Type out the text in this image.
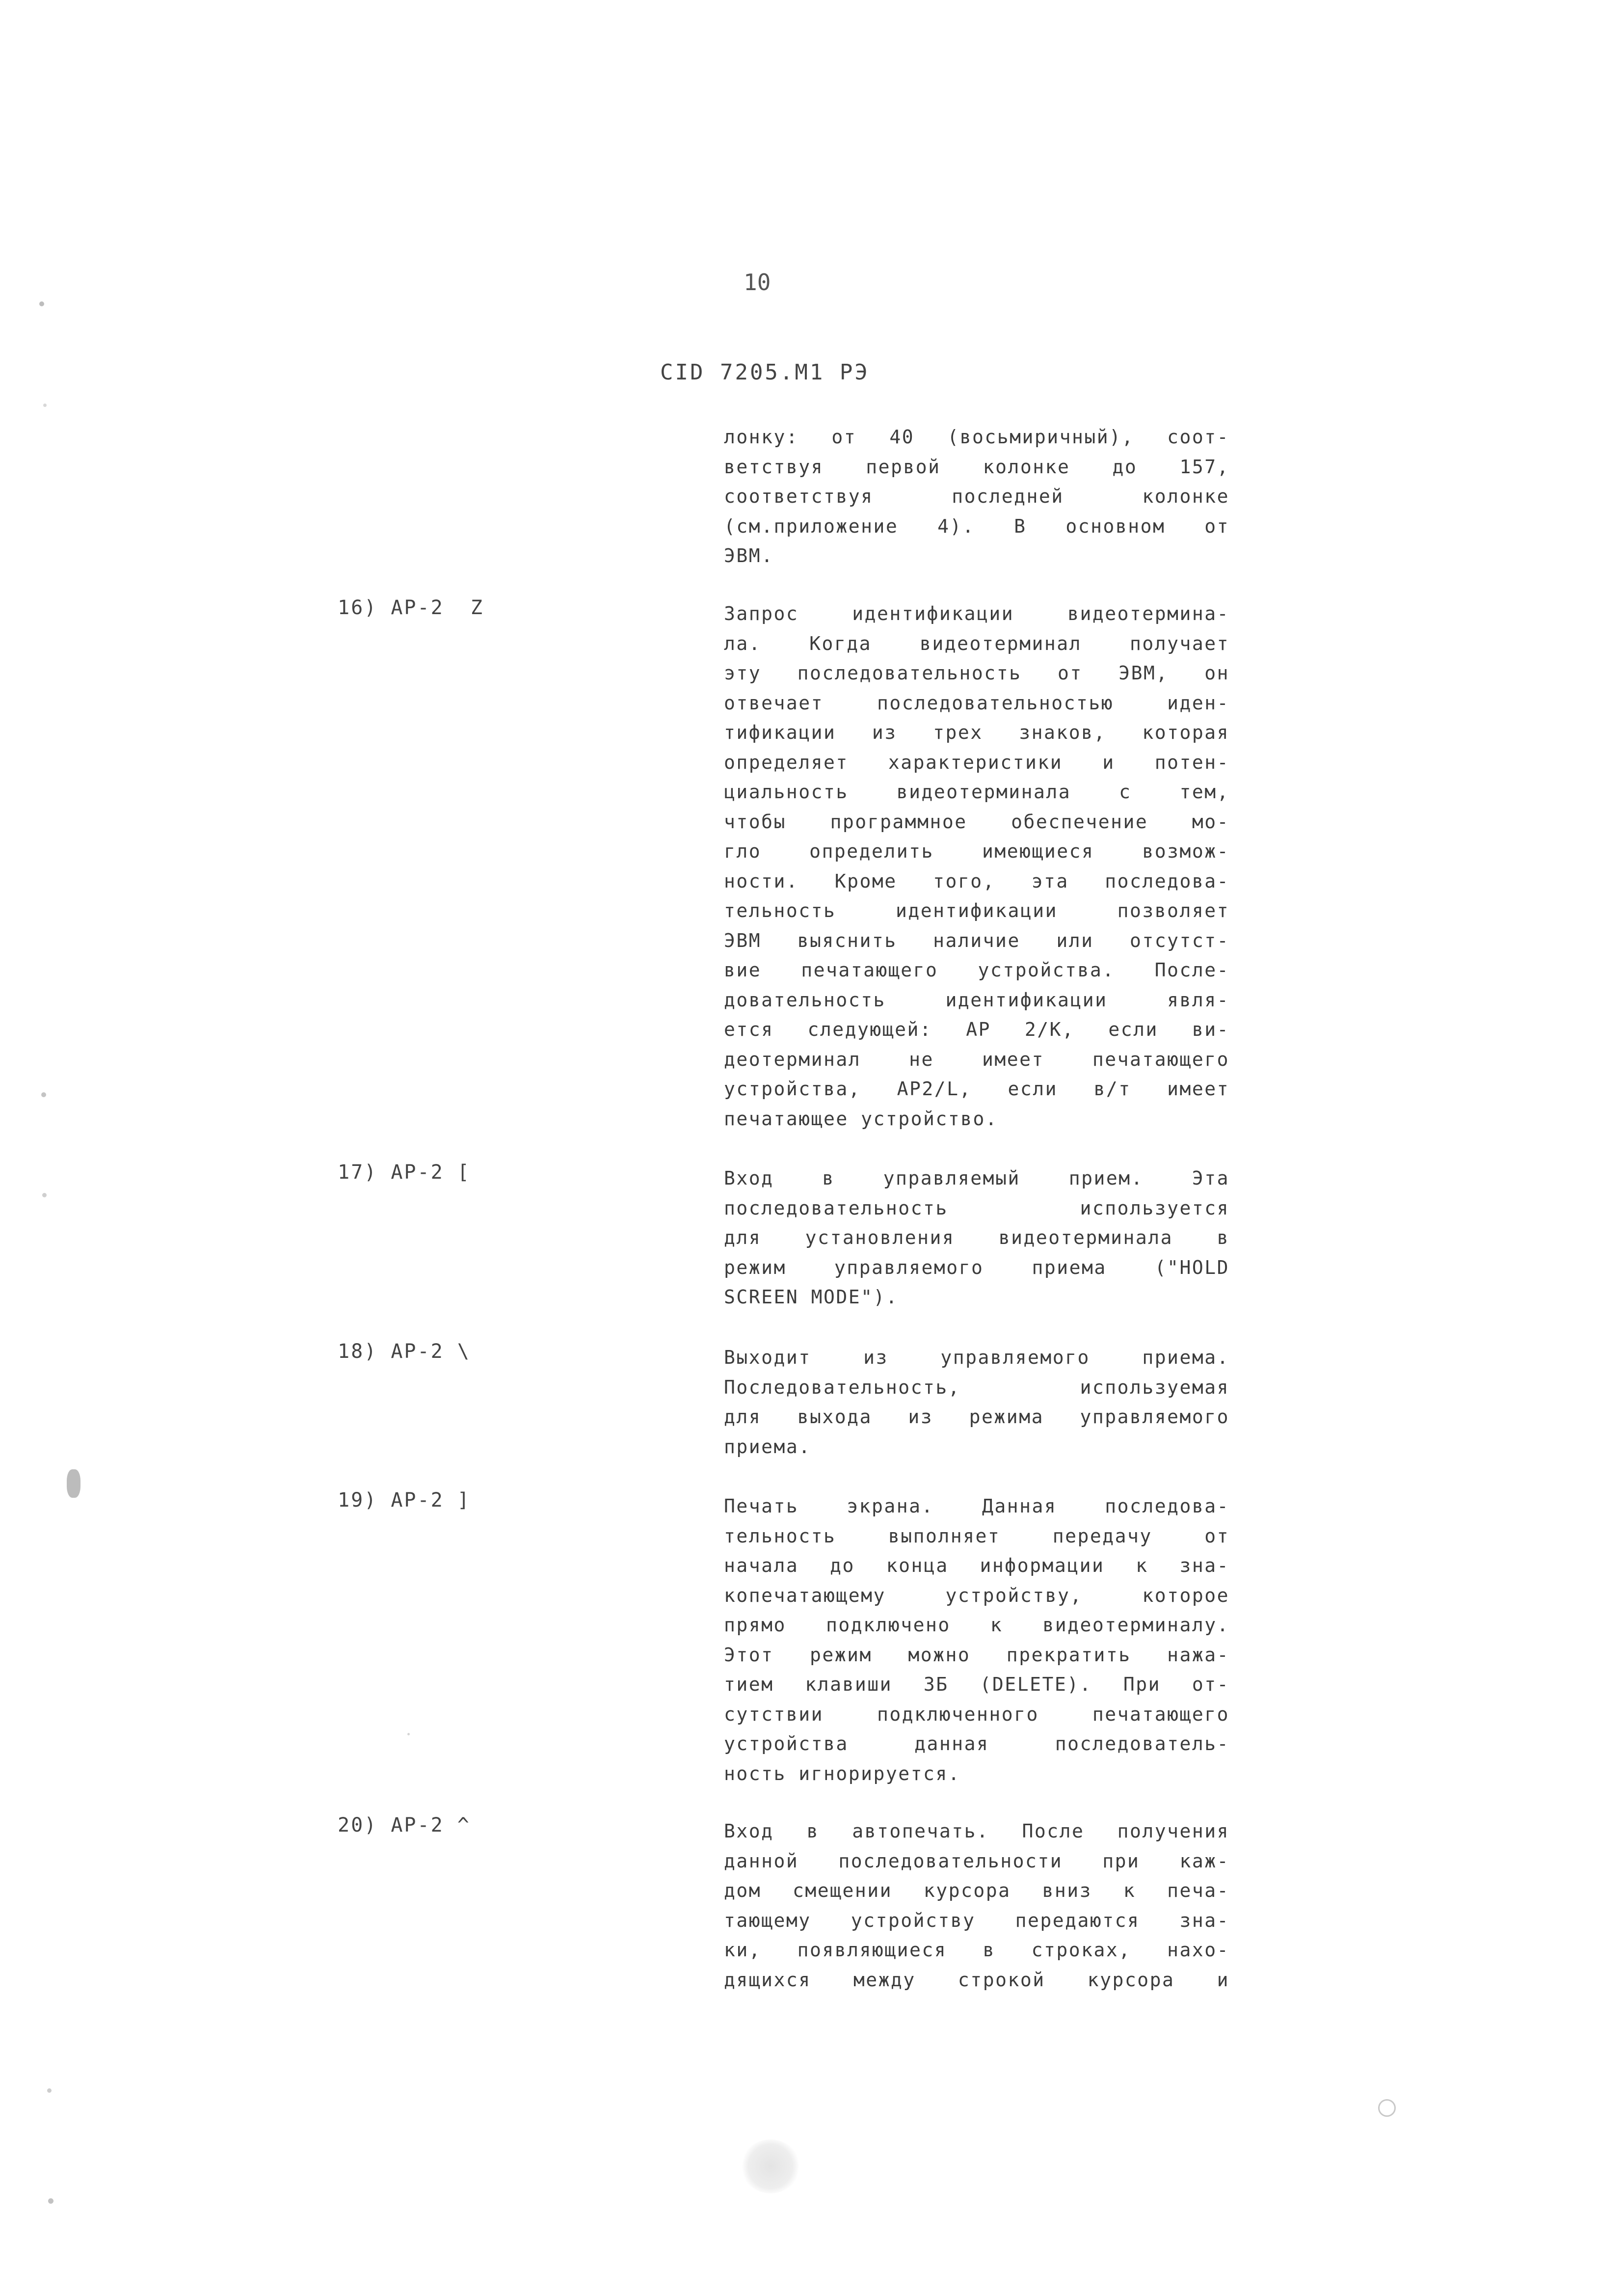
10
CID 7205.M1 РЭ
лонку: от 40 (восьмиричный), соот-
ветствуя первой колонке до 157,
соответствуя последней колонке
(см.приложение 4). В основном от
ЭВМ.
16) AP-2  Z	Запрос идентификации видеотермина-
ла. Когда видеотерминал получает
эту последовательность от ЭВМ, он
отвечает последовательностью иден-
тификации из трех знаков, которая
определяет характеристики и потен-
циальность видеотерминала с тем,
чтобы программное обеспечение мо-
гло определить имеющиеся возмож-
ности. Кроме того, эта последова-
тельность идентификации позволяет
ЭВМ выяснить наличие или отсутст-
вие печатающего устройства. После-
довательность идентификации явля-
ется следующей: AP 2/K, если ви-
деотерминал не имеет печатающего
устройства, AP2/L, если в/т имеет
печатающее устройство.
17) AP-2 [	Вход в управляемый прием. Эта
последовательность используется
для установления видеотерминала в
режим управляемого приема ("HOLD
SCREEN MODE").
18) AP-2 \	Выходит из управляемого приема.
Последовательность, используемая
для выхода из режима управляемого
приема.
19) AP-2 ]	Печать экрана. Данная последова-
тельность выполняет передачу от
начала до конца информации к зна-
копечатающему устройству, которое
прямо подключено к видеотерминалу.
Этот режим можно прекратить нажа-
тием клавиши 3Б (DELETE). При от-
сутствии подключенного печатающего
устройства данная последователь-
ность игнорируется.
20) AP-2 ^	Вход в автопечать. После получения
данной последовательности при каж-
дом смещении курсора вниз к печа-
тающему устройству передаются зна-
ки, появляющиеся в строках, нахо-
дящихся между строкой курсора и
